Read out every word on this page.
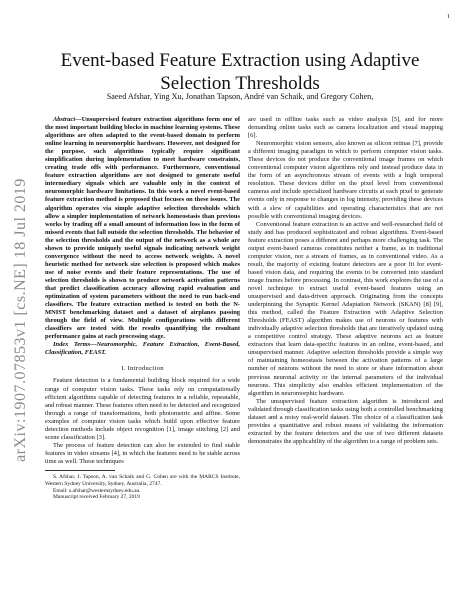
1
arXiv:1907.07853v1 [cs.NE] 18 Jul 2019
Event-based Feature Extraction using Adaptive Selection Thresholds
Saeed Afshar, Ying Xu, Jonathan Tapson, André van Schaik, and Gregory Cohen,

Abstract—Unsupervised feature extraction algorithms form one of the most important building blocks in machine learning systems. These algorithms are often adapted to the event-based domain to perform online learning in neuromorphic hardware. However, not designed for the purpose, such algorithms typically require significant simplification during implementation to meet hardware constraints, creating trade offs with performance. Furthermore, conventional feature extraction algorithms are not designed to generate useful intermediary signals which are valuable only in the context of neuromorphic hardware limitations. In this work a novel event-based feature extraction method is proposed that focuses on these issues. The algorithm operates via simple adaptive selection thresholds which allow a simpler implementation of network homeostasis than previous works by trading off a small amount of information loss in the form of missed events that fall outside the selection thresholds. The behavior of the selection thresholds and the output of the network as a whole are shown to provide uniquely useful signals indicating network weight convergence without the need to access network weights. A novel heuristic method for network size selection is proposed which makes use of noise events and their feature representations. The use of selection thresholds is shown to produce network activation patterns that predict classification accuracy allowing rapid evaluation and optimization of system parameters without the need to run back-end classifiers. The feature extraction method is tested on both the N-MNIST benchmarking dataset and a dataset of airplanes passing through the field of view. Multiple configurations with different classifiers are tested with the results quantifying the resultant performance gains at each processing stage.

Index Terms—Neuromorphic, Feature Extraction, Event-Based, Classification, FEAST.

I. Introduction

Feature detection is a fundamental building block required for a wide range of computer vision tasks. These tasks rely on computationally efficient algorithms capable of detecting features in a reliable, repeatable, and robust manner. These features often need to be detected and recognized through a range of transformations, both photometric and affine. Some examples of computer vision tasks which build upon effective feature detection methods include object recognition [1], image stitching [2] and scene classification [3].

The process of feature detection can also be extended to find stable features in video streams [4], in which the features need to be stable across time as well. These techniques

S. Afshar, J. Tapson, A. van Schaik and G. Cohen are with the MARCS Institute, Western Sydney University, Sydney, Australia, 2747.

Email: s.afshar@westernsydney.edu.au.

Manuscript received February 27, 2019

are used in offline tasks such as video analysis [5], and for more demanding online tasks such as camera localization and visual mapping [6].

Neuromorphic vision sensors, also known as silicon retinas [7], provide a different imaging paradigm in which to perform computer vision tasks. These devices do not produce the conventional image frames on which conventional computer vision algorithms rely and instead produce data in the form of an asynchronous stream of events with a high temporal resolution. These devices differ on the pixel level from conventional cameras and include specialized hardware circuits at each pixel to generate events only in response to changes in log intensity, providing these devices with a slew of capabilities and operating characteristics that are not possible with conventional imaging devices.

Conventional feature extraction is an active and well-researched field of study and has produced sophisticated and robust algorithms. Event-based feature extraction poses a different and perhaps more challenging task. The output event-based cameras constitutes neither a frame, as in traditional computer vision, nor a stream of frames, as in conventional video. As a result, the majority of existing feature detectors are a poor fit for event-based vision data, and requiring the events to be converted into standard image frames before processing. In contrast, this work explores the use of a novel technique to extract useful event-based features using an unsupervised and data-driven approach. Originating from the concepts underpinning the Synaptic Kernel Adaptation Network (SKAN) [8] [9], this method, called the Feature Extraction with Adaptive Selection Thresholds (FEAST) algorithm makes use of neurons or features with individually adaptive selection thresholds that are iteratively updated using a competitive control strategy. These adaptive neurons act as feature extractors that learn data-specific features in an online, event-based, and unsupervised manner. Adaptive selection thresholds provide a simple way of maintaining homeostasis between the activation patterns of a large number of neurons without the need to store or share information about previous neuronal activity or the internal parameters of the individual neurons. This simplicity also enables efficient implementation of the algorithm in neuromorphic hardware.

The unsupervised feature extraction algorithm is introduced and validated through classification tasks using both a controlled benchmarking dataset and a noisy real-world dataset. The choice of a classification task provides a quantitative and robust means of validating the information extracted by the feature detectors and the use of two different datasets demonstrates the applicability of the algorithm to a range of problem sets.
